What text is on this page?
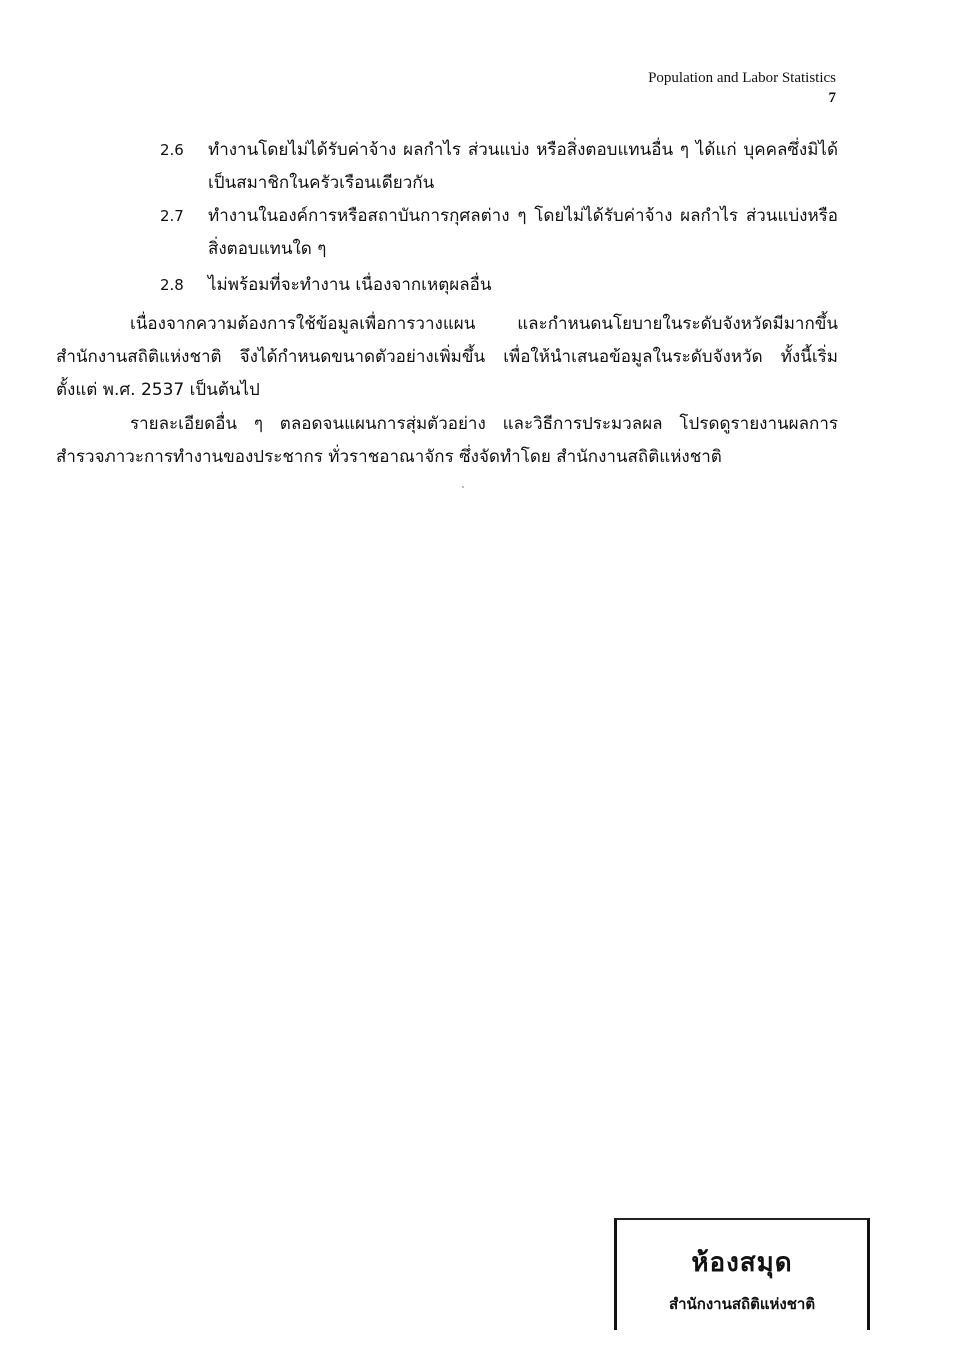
Population and Labor Statistics
7
2.6	ทำงานโดยไม่ได้รับค่าจ้าง ผลกำไร ส่วนแบ่ง หรือสิ่งตอบแทนอื่น ๆ ได้แก่ บุคคลซึ่งมิได้เป็นสมาชิกในครัวเรือนเดียวกัน
2.7	ทำงานในองค์การหรือสถาบันการกุศลต่าง ๆ โดยไม่ได้รับค่าจ้าง ผลกำไร ส่วนแบ่งหรือสิ่งตอบแทนใด ๆ
2.8	ไม่พร้อมที่จะทำงาน เนื่องจากเหตุผลอื่น
เนื่องจากความต้องการใช้ข้อมูลเพื่อการวางแผน และกำหนดนโยบายในระดับจังหวัดมีมากขึ้น สำนักงานสถิติแห่งชาติ จึงได้กำหนดขนาดตัวอย่างเพิ่มขึ้น เพื่อให้นำเสนอข้อมูลในระดับจังหวัด ทั้งนี้เริ่มตั้งแต่ พ.ศ. 2537 เป็นต้นไป
รายละเอียดอื่น ๆ ตลอดจนแผนการสุ่มตัวอย่าง และวิธีการประมวลผล โปรดดูรายงานผลการสำรวจภาวะการทำงานของประชากร ทั่วราชอาณาจักร ซึ่งจัดทำโดย สำนักงานสถิติแห่งชาติ
ห้องสมุด
สำนักงานสถิติแห่งชาติ
